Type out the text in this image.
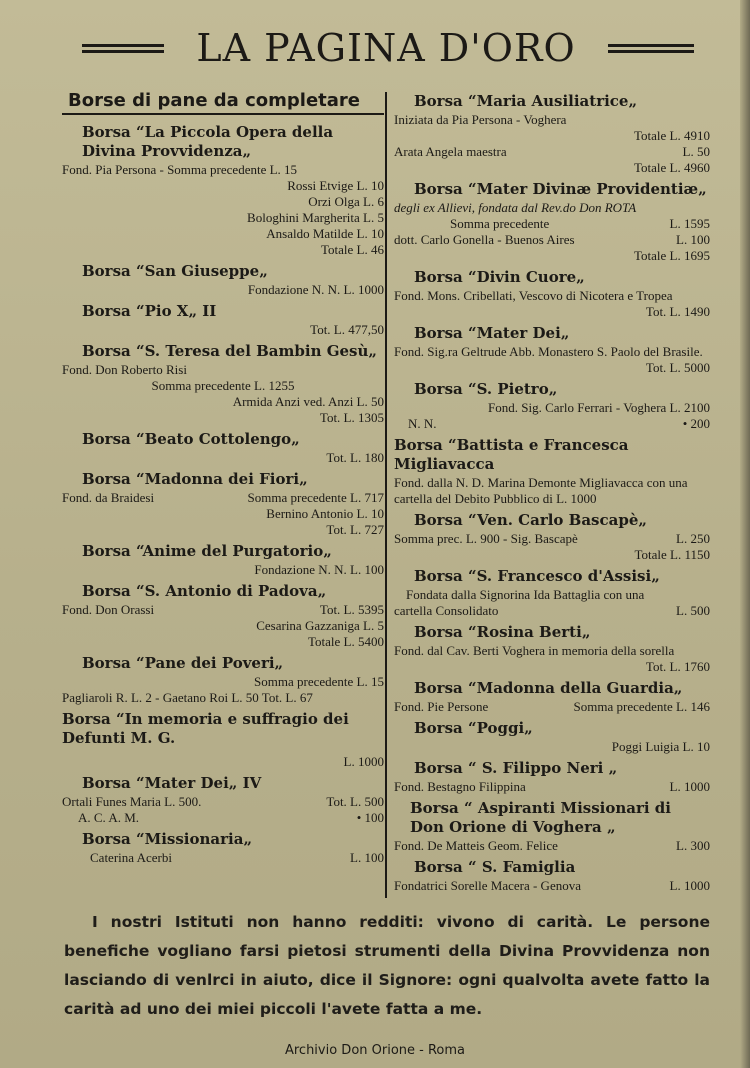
LA PAGINA D'ORO
Borse di pane da completare
Borsa “La Piccola Opera della Divina Provvidenza„
Fond. Pia Persona - Somma precedente L. 15
Rossi Etvige L. 10
Orzi Olga L. 6
Bologhini Margherita L. 5
Ansaldo Matilde L. 10
Totale L. 46
Borsa “San Giuseppe„
Fondazione N. N. L. 1000
Borsa “Pio X„ II
Tot. L. 477,50
Borsa “S. Teresa del Bambin Gesù„
Fond. Don Roberto Risi
Somma precedente L. 1255
Armida Anzi ved. Anzi L. 50
Tot. L. 1305
Borsa “Beato Cottolengo„
Tot. L. 180
Borsa “Madonna dei Fiori„
Fond. da Braidesi	Somma precedente L. 717
Bernino Antonio L. 10
Tot. L. 727
Borsa “Anime del Purgatorio„
Fondazione N. N. L. 100
Borsa “S. Antonio di Padova„
Fond. Don Orassi	Tot. L. 5395
Cesarina Gazzaniga L. 5
Totale L. 5400
Borsa “Pane dei Poveri„
Somma precedente L. 15
Pagliaroli R. L. 2 - Gaetano Roi L. 50 Tot. L. 67
Borsa “In memoria e suffragio dei Defunti M. G.
L. 1000
Borsa “Mater Dei„ IV
Ortali Funes Maria L. 500.	Tot. L. 500
A. C. A. M.	• 100
Borsa “Missionaria„
Caterina Acerbi	L. 100
Borsa “Maria Ausiliatrice„
Iniziata da Pia Persona - Voghera
Totale L. 4910
Arata Angela maestra	L. 50
Totale L. 4960
Borsa “Mater Divinæ Providentiæ„
degli ex Allievi, fondata dal Rev.do Don ROTA
Somma precedente	L. 1595
dott. Carlo Gonella - Buenos Aires	L. 100
Totale L. 1695
Borsa “Divin Cuore„
Fond. Mons. Cribellati, Vescovo di Nicotera e Tropea
Tot. L. 1490
Borsa “Mater Dei„
Fond. Sig.ra Geltrude Abb. Monastero S. Paolo del Brasile.
Tot. L. 5000
Borsa “S. Pietro„
Fond. Sig. Carlo Ferrari - Voghera L. 2100
N. N.	• 200
Borsa “Battista e Francesca Migliavacca
Fond. dalla N. D. Marina Demonte Migliavacca con una cartella del Debito Pubblico di L. 1000
Borsa “Ven. Carlo Bascapè„
Somma prec. L. 900 - Sig. Bascapè	L. 250
Totale L. 1150
Borsa “S. Francesco d'Assisi„
Fondata dalla Signorina Ida Battaglia con una
cartella Consolidato	L. 500
Borsa “Rosina Berti„
Fond. dal Cav. Berti Voghera in memoria della sorella
Tot. L. 1760
Borsa “Madonna della Guardia„
Fond. Pie Persone	Somma precedente L. 146
Borsa “Poggi„
Poggi Luigia L. 10
Borsa “ S. Filippo Neri „
Fond. Bestagno Filippina	L. 1000
Borsa “ Aspiranti Missionari di Don Orione di Voghera „
Fond. De Matteis Geom. Felice	L. 300
Borsa “ S. Famiglia
Fondatrici Sorelle Macera - Genova	L. 1000
I nostri Istituti non hanno redditi: vivono di carità. Le persone benefiche vogliano farsi pietosi strumenti della Divina Provvidenza non lasciando di venlrci in aiuto, dice il Signore: ogni qualvolta avete fatto la carità ad uno dei miei piccoli l'avete fatta a me.
Archivio Don Orione - Roma
